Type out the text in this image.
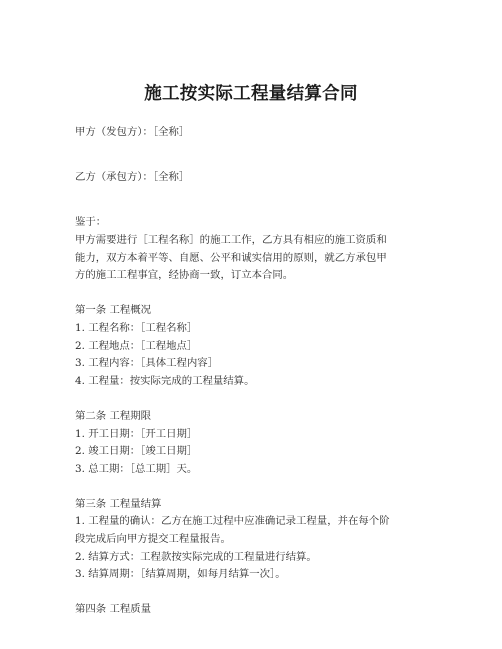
施工按实际工程量结算合同
甲方（发包方）：［全称］
乙方（承包方）：［全称］
鉴于：
甲方需要进行［工程名称］的施工工作，乙方具有相应的施工资质和
能力，双方本着平等、自愿、公平和诚实信用的原则，就乙方承包甲
方的施工工程事宜，经协商一致，订立本合同。
第一条 工程概况
1. 工程名称：［工程名称］
2. 工程地点：［工程地点］
3. 工程内容：［具体工程内容］
4. 工程量：按实际完成的工程量结算。
第二条 工程期限
1. 开工日期：［开工日期］
2. 竣工日期：［竣工日期］
3. 总工期：［总工期］天。
第三条 工程量结算
1. 工程量的确认：乙方在施工过程中应准确记录工程量，并在每个阶
段完成后向甲方提交工程量报告。
2. 结算方式：工程款按实际完成的工程量进行结算。
3. 结算周期：［结算周期，如每月结算一次］。
第四条 工程质量
